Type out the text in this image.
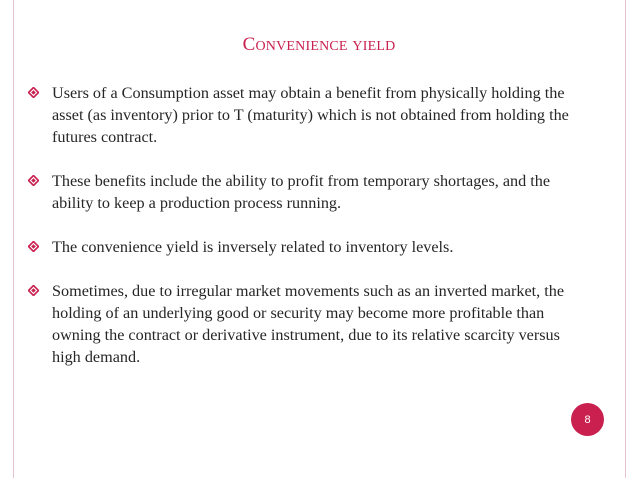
CONVENIENCE YIELD
Users of a Consumption asset may obtain a benefit from physically holding the asset (as inventory) prior to T (maturity) which is not obtained from holding the futures contract.
These benefits include the ability to profit from temporary shortages, and the ability to keep a production process running.
The convenience yield is inversely related to inventory levels.
Sometimes, due to irregular market movements such as an inverted market, the holding of an underlying good or security may become more profitable than owning the contract or derivative instrument, due to its relative scarcity versus high demand.
8
